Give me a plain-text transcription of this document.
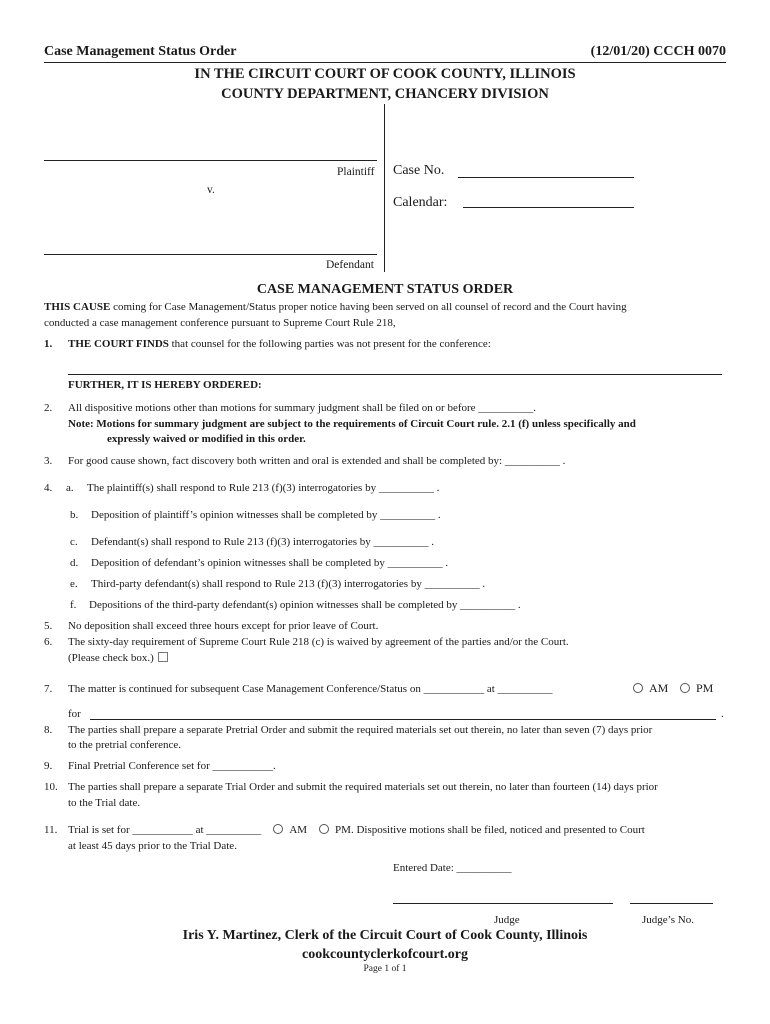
Case Management Status Order	(12/01/20) CCCH 0070
IN THE CIRCUIT COURT OF COOK COUNTY, ILLINOIS
COUNTY DEPARTMENT, CHANCERY DIVISION
Plaintiff
v.
Defendant
Case No.
Calendar:
CASE MANAGEMENT STATUS ORDER
THIS CAUSE coming for Case Management/Status proper notice having been served on all counsel of record and the Court having
conducted a case management conference pursuant to Supreme Court Rule 218,
1. THE COURT FINDS that counsel for the following parties was not present for the conference:
FURTHER, IT IS HEREBY ORDERED:
2. All dispositive motions other than motions for summary judgment shall be filed on or before __________.
Note: Motions for summary judgment are subject to the requirements of Circuit Court rule. 2.1 (f) unless specifically and
expressly waived or modified in this order.
3. For good cause shown, fact discovery both written and oral is extended and shall be completed by: __________ .
4. a. The plaintiff(s) shall respond to Rule 213 (f)(3) interrogatories by __________ .
b. Deposition of plaintiff’s opinion witnesses shall be completed by __________ .
c. Defendant(s) shall respond to Rule 213 (f)(3) interrogatories by __________ .
d. Deposition of defendant’s opinion witnesses shall be completed by __________ .
e. Third-party defendant(s) shall respond to Rule 213 (f)(3) interrogatories by __________ .
f. Depositions of the third-party defendant(s) opinion witnesses shall be completed by __________ .
5. No deposition shall exceed three hours except for prior leave of Court.
6. The sixty-day requirement of Supreme Court Rule 218 (c) is waived by agreement of the parties and/or the Court.
(Please check box.)
7. The matter is continued for subsequent Case Management Conference/Status on ___________ at __________	AM	PM
for	.
8. The parties shall prepare a separate Pretrial Order and submit the required materials set out therein, no later than seven (7) days prior
to the pretrial conference.
9. Final Pretrial Conference set for ___________.
10. The parties shall prepare a separate Trial Order and submit the required materials set out therein, no later than fourteen (14) days prior
to the Trial date.
11. Trial is set for ___________ at __________	AM	PM. Dispositive motions shall be filed, noticed and presented to Court
at least 45 days prior to the Trial Date.
Entered Date: __________
Judge	Judge’s No.
Iris Y. Martinez, Clerk of the Circuit Court of Cook County, Illinois
cookcountyclerkofcourt.org
Page 1 of 1
